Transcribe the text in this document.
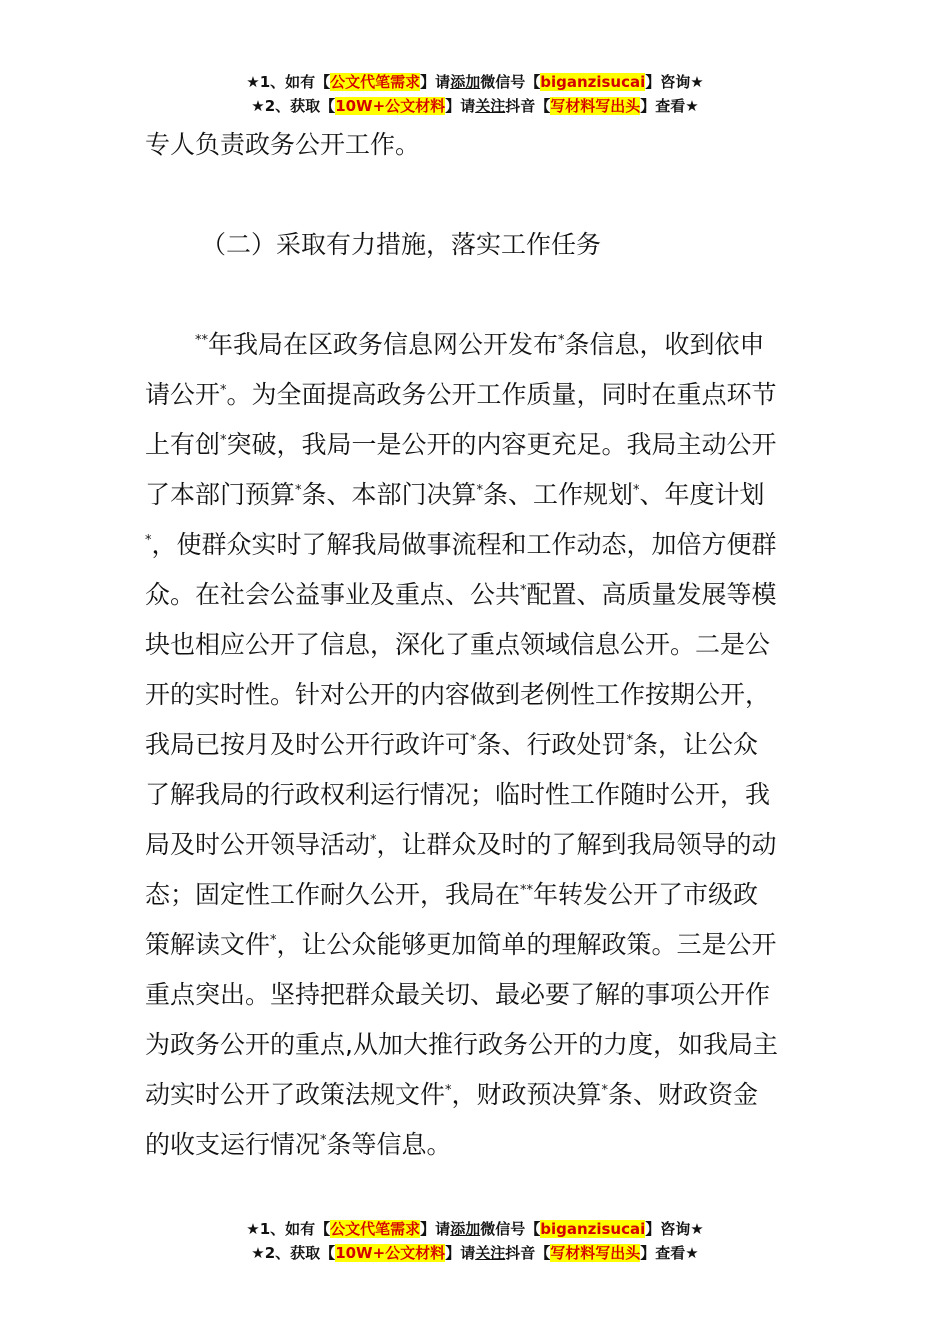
★1、如有【公文代笔需求】请添加微信号【biganzisucai】咨询★
★2、获取【10W+公文材料】请关注抖音【写材料写出头】查看★
专人负责政务公开工作。
（二）采取有力措施，落实工作任务
　　**年我局在区政务信息网公开发布*条信息，收到依申
请公开*。为全面提高政务公开工作质量，同时在重点环节
上有创*突破，我局一是公开的内容更充足。我局主动公开
了本部门预算*条、本部门决算*条、工作规划*、年度计划
*，使群众实时了解我局做事流程和工作动态，加倍方便群
众。在社会公益事业及重点、公共*配置、高质量发展等模
块也相应公开了信息，深化了重点领域信息公开。二是公
开的实时性。针对公开的内容做到老例性工作按期公开，
我局已按月及时公开行政许可*条、行政处罚*条，让公众
了解我局的行政权利运行情况；临时性工作随时公开，我
局及时公开领导活动*，让群众及时的了解到我局领导的动
态；固定性工作耐久公开，我局在**年转发公开了市级政
策解读文件*，让公众能够更加简单的理解政策。三是公开
重点突出。坚持把群众最关切、最必要了解的事项公开作
为政务公开的重点,从加大推行政务公开的力度，如我局主
动实时公开了政策法规文件*，财政预决算*条、财政资金
的收支运行情况*条等信息。
★1、如有【公文代笔需求】请添加微信号【biganzisucai】咨询★
★2、获取【10W+公文材料】请关注抖音【写材料写出头】查看★
